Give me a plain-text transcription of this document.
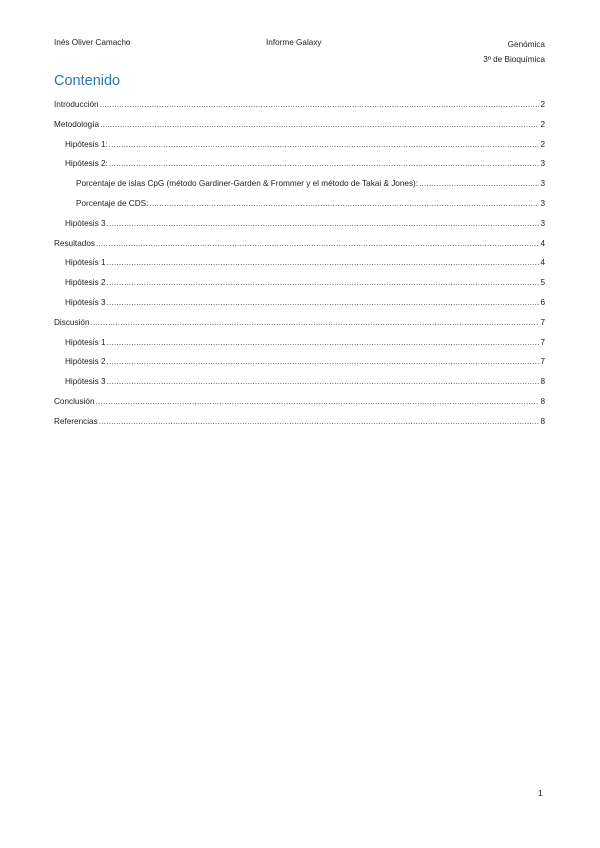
Inés Oliver Camacho	Informe Galaxy	Genómica
3º de Bioquímica
Contenido
Introducción .....	2
Metodología .....	2
Hipótesis 1: .....	2
Hipótesis 2: .....	3
Porcentaje de islas CpG (método Gardiner-Garden & Frommer y el método de Takai & Jones): .....	3
Porcentaje de CDS: .....	3
Hipótesis 3 .....	3
Resultados .....	4
Hipótesis 1 .....	4
Hipótesis 2 .....	5
Hipótesis 3 .....	6
Discusión .....	7
Hipótesis 1 .....	7
Hipótesis 2 .....	7
Hipótesis 3 .....	8
Conclusión .....	8
Referencias .....	8
1
